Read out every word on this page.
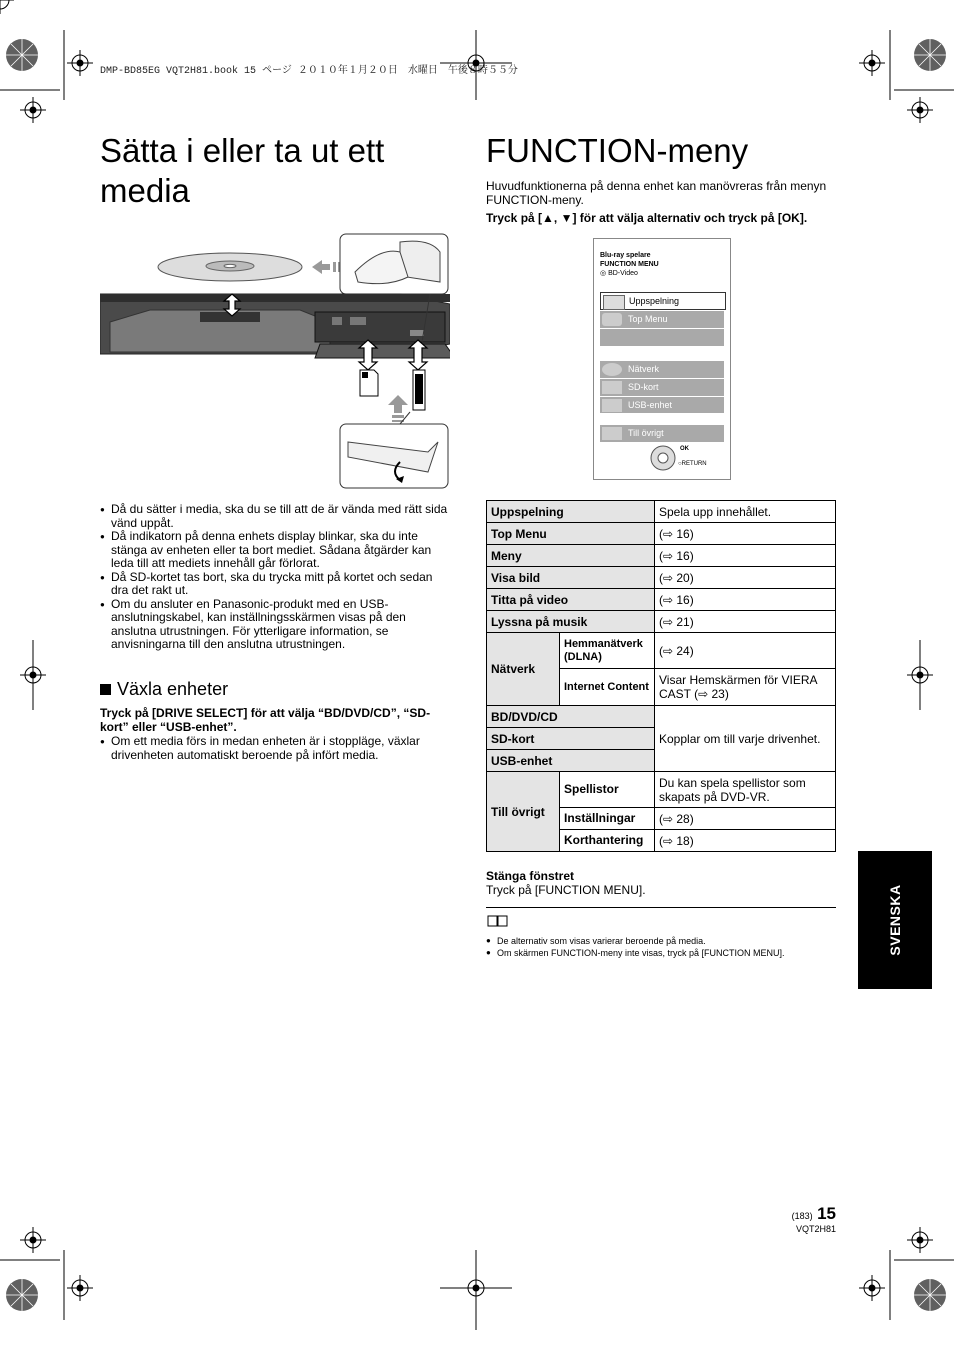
DMP-BD85EG VQT2H81.book 15 ページ ２０１０年１月２０日　水曜日　午後８時５５分
Sätta i eller ta ut ett
media
● Då du sätter i media, ska du se till att de är vända med rätt sida vänd uppåt.
● Då indikatorn på denna enhets display blinkar, ska du inte stänga av enheten eller ta bort mediet. Sådana åtgärder kan leda till att mediets innehåll går förlorat.
● Då SD-kortet tas bort, ska du trycka mitt på kortet och sedan dra det rakt ut.
● Om du ansluter en Panasonic-produkt med en USB-anslutningskabel, kan inställningsskärmen visas på den anslutna utrustningen. För ytterligare information, se anvisningarna till den anslutna utrustningen.
Växla enheter
Tryck på [DRIVE SELECT] för att välja “BD/DVD/CD”, “SD-kort” eller “USB-enhet”.
● Om ett media förs in medan enheten är i stoppläge, växlar drivenheten automatiskt beroende på infört media.
FUNCTION-meny
Huvudfunktionerna på denna enhet kan manövreras från menyn FUNCTION-meny.
Tryck på [▲, ▼] för att välja alternativ och tryck på [OK].
Blu-ray spelare
FUNCTION MENU
◎ BD-Video
Uppspelning
Top Menu
Nätverk
SD-kort
USB-enhet
Till övrigt
OK
○RETURN
Uppspelning		Spela upp innehållet.
Top Menu		(⇨ 16)
Meny		(⇨ 16)
Visa bild		(⇨ 20)
Titta på video		(⇨ 16)
Lyssna på musik		(⇨ 21)
Nätverk	Hemmanätverk (DLNA)	(⇨ 24)
	Internet Content	Visar Hemskärmen för VIERA CAST (⇨ 23)
BD/DVD/CD		Kopplar om till varje drivenhet.
SD-kort		
USB-enhet		
Till övrigt	Spellistor	Du kan spela spellistor som skapats på DVD-VR.
	Inställningar	(⇨ 28)
	Korthantering	(⇨ 18)
Stänga fönstret
Tryck på [FUNCTION MENU].
● De alternativ som visas varierar beroende på media.
● Om skärmen FUNCTION-meny inte visas, tryck på [FUNCTION MENU].	SVENSKA
(183) 15
VQT2H81
